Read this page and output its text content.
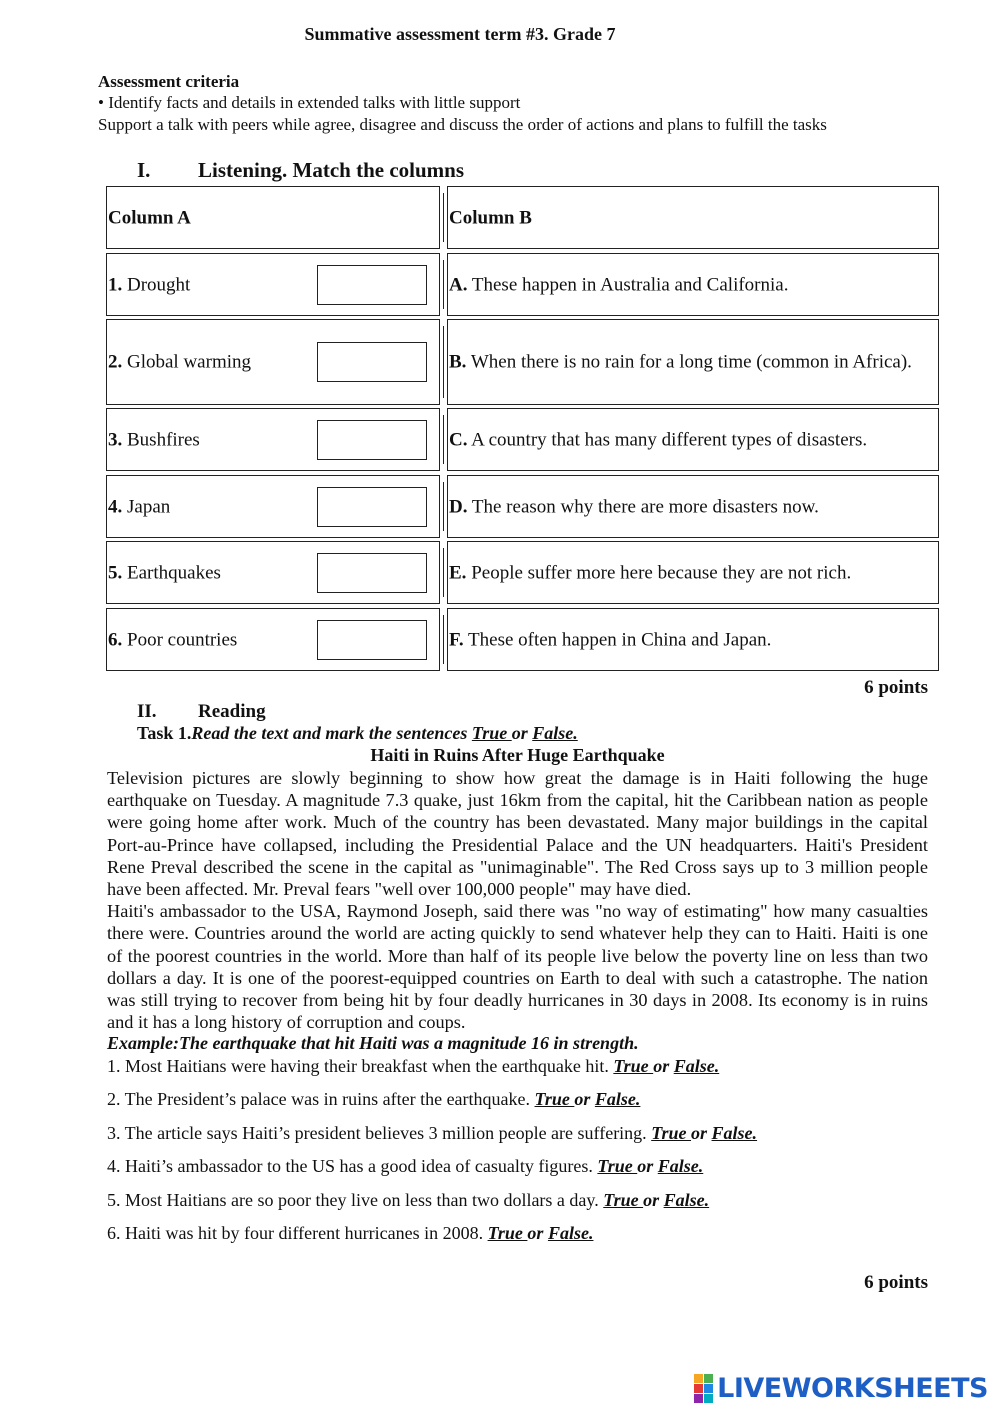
Summative assessment term #3. Grade 7
Assessment criteria
• Identify facts and details in extended talks with little support
Support a talk with peers while agree, disagree and discuss the order of actions and plans to fulfill the tasks
I. Listening. Match the columns
Column A	Column B
1. Drought	A. These happen in Australia and California.
2. Global warming	B. When there is no rain for a long time (common in Africa).
3. Bushfires	C. A country that has many different types of disasters.
4. Japan	D. The reason why there are more disasters now.
5. Earthquakes	E. People suffer more here because they are not rich.
6. Poor countries	F. These often happen in China and Japan.
6 points
II. Reading
Task 1.Read the text and mark the sentences True or False.
Haiti in Ruins After Huge Earthquake

Television pictures are slowly beginning to show how great the damage is in Haiti following the huge earthquake on Tuesday. A magnitude 7.3 quake, just 16km from the capital, hit the Caribbean nation as people were going home after work. Much of the country has been devastated. Many major buildings in the capital Port-au-Prince have collapsed, including the Presidential Palace and the UN headquarters. Haiti's President Rene Preval described the scene in the capital as "unimaginable". The Red Cross says up to 3 million people have been affected. Mr. Preval fears "well over 100,000 people" may have died.

Haiti's ambassador to the USA, Raymond Joseph, said there was "no way of estimating" how many casualties there were. Countries around the world are acting quickly to send whatever help they can to Haiti. Haiti is one of the poorest countries in the world. More than half of its people live below the poverty line on less than two dollars a day. It is one of the poorest-equipped countries on Earth to deal with such a catastrophe. The nation was still trying to recover from being hit by four deadly hurricanes in 30 days in 2008. Its economy is in ruins and it has a long history of corruption and coups.

Example:The earthquake that hit Haiti was a magnitude 16 in strength.
1. Most Haitians were having their breakfast when the earthquake hit. True or False.
2. The President’s palace was in ruins after the earthquake. True or False.
3. The article says Haiti’s president believes 3 million people are suffering. True or False.
4. Haiti’s ambassador to the US has a good idea of casualty figures. True or False.
5. Most Haitians are so poor they live on less than two dollars a day. True or False.
6. Haiti was hit by four different hurricanes in 2008. True or False.
6 points
LIVEWORKSHEETS
